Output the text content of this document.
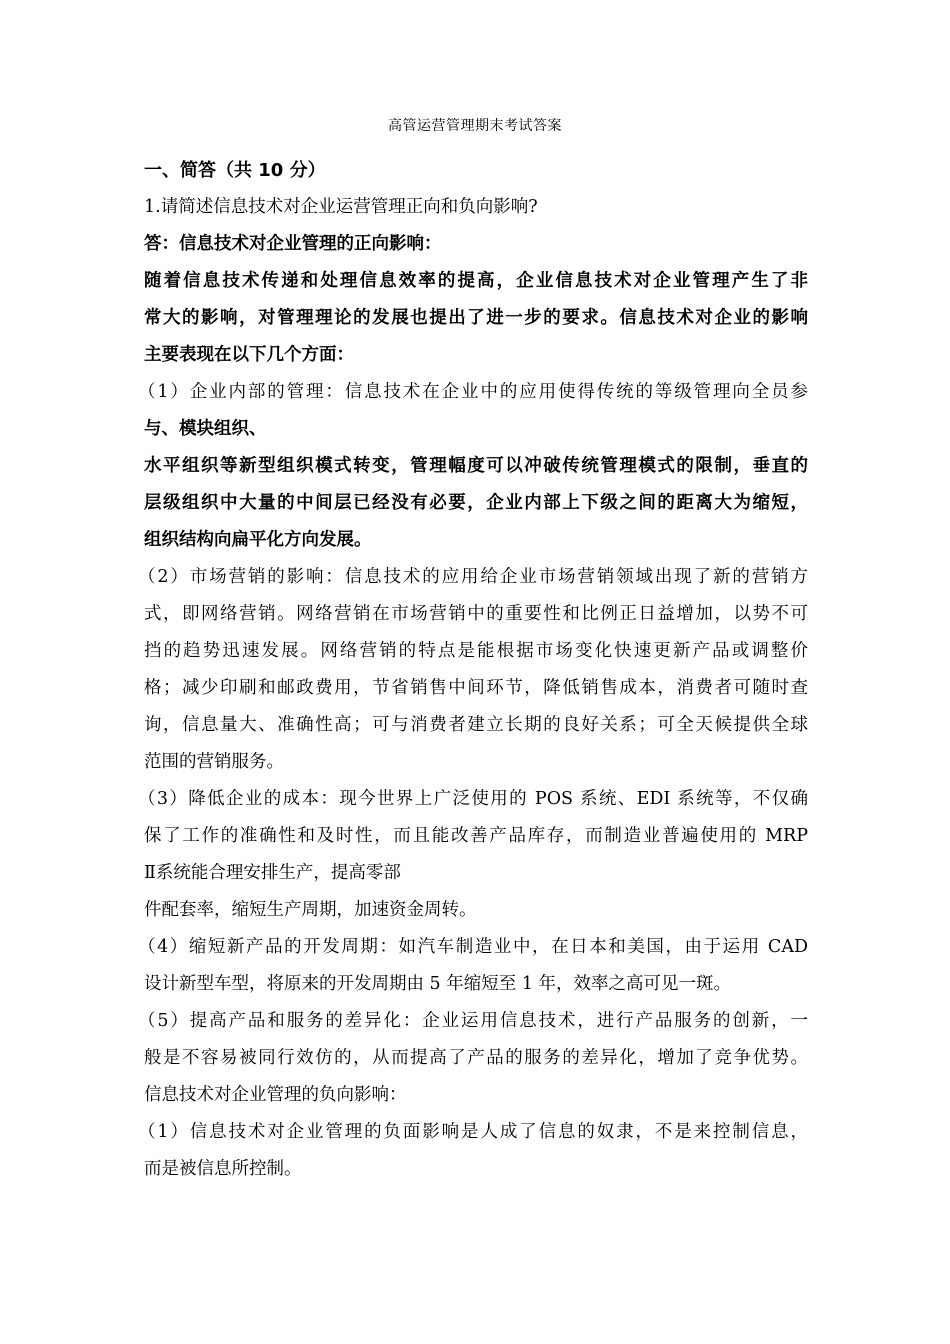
高管运营管理期末考试答案
一、简答（共 10 分）
1.请简述信息技术对企业运营管理正向和负向影响?
答：信息技术对企业管理的正向影响：
随着信息技术传递和处理信息效率的提高，企业信息技术对企业管理产生了非
常大的影响，对管理理论的发展也提出了进一步的要求。信息技术对企业的影响
主要表现在以下几个方面：
（1）企业内部的管理：信息技术在企业中的应用使得传统的等级管理向全员参
与、模块组织、
水平组织等新型组织模式转变，管理幅度可以冲破传统管理模式的限制，垂直的
层级组织中大量的中间层已经没有必要，企业内部上下级之间的距离大为缩短，
组织结构向扁平化方向发展。
（2）市场营销的影响：信息技术的应用给企业市场营销领域出现了新的营销方
式，即网络营销。网络营销在市场营销中的重要性和比例正日益增加，以势不可
挡的趋势迅速发展。网络营销的特点是能根据市场变化快速更新产品或调整价
格；减少印刷和邮政费用，节省销售中间环节，降低销售成本，消费者可随时查
询，信息量大、准确性高；可与消费者建立长期的良好关系；可全天候提供全球
范围的营销服务。
（3）降低企业的成本：现今世界上广泛使用的 POS 系统、EDI 系统等，不仅确
保了工作的准确性和及时性，而且能改善产品库存，而制造业普遍使用的 MRP
Ⅱ系统能合理安排生产，提高零部
件配套率，缩短生产周期，加速资金周转。
（4）缩短新产品的开发周期：如汽车制造业中，在日本和美国，由于运用 CAD
设计新型车型，将原来的开发周期由 5 年缩短至 1 年，效率之高可见一斑。
（5）提高产品和服务的差异化：企业运用信息技术，进行产品服务的创新，一
般是不容易被同行效仿的，从而提高了产品的服务的差异化，增加了竞争优势。
信息技术对企业管理的负向影响：
（1）信息技术对企业管理的负面影响是人成了信息的奴隶，不是来控制信息，
而是被信息所控制。
